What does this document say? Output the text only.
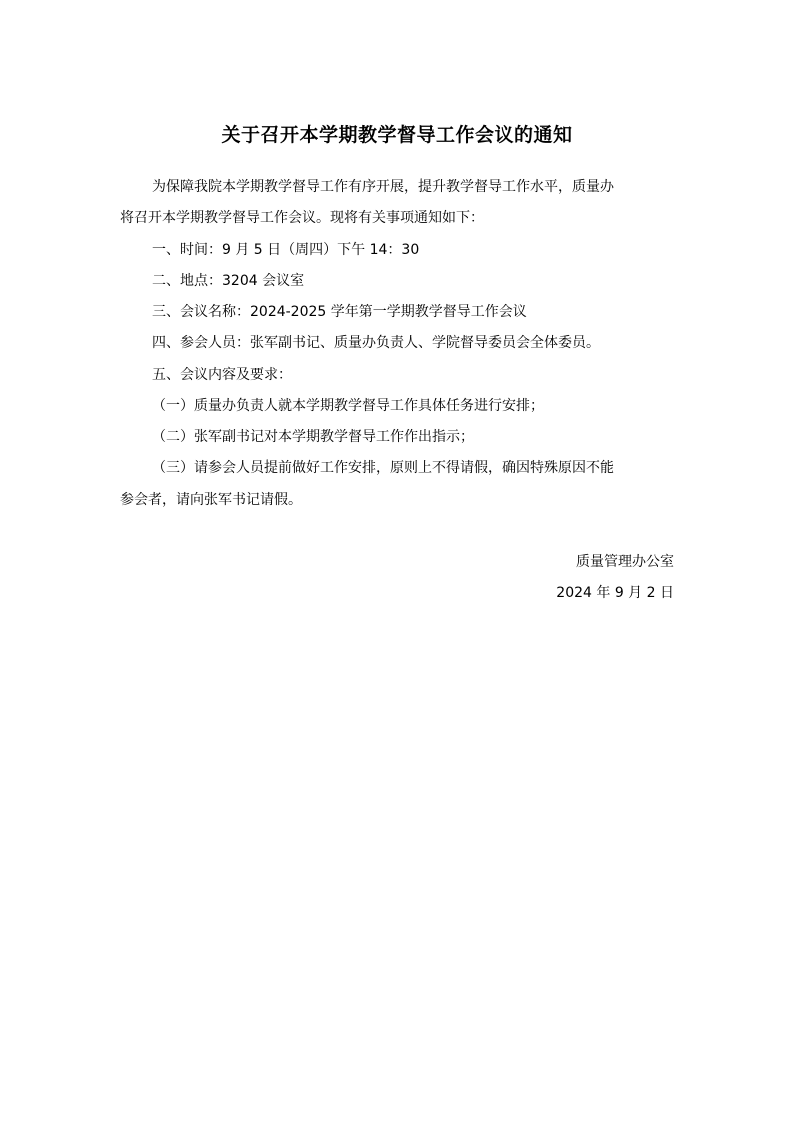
关于召开本学期教学督导工作会议的通知
为保障我院本学期教学督导工作有序开展，提升教学督导工作水平，质量办
将召开本学期教学督导工作会议。现将有关事项通知如下：
一、时间：9 月 5 日（周四）下午 14：30
二、地点：3204 会议室
三、会议名称：2024-2025 学年第一学期教学督导工作会议
四、参会人员：张军副书记、质量办负责人、学院督导委员会全体委员。
五、会议内容及要求：
（一）质量办负责人就本学期教学督导工作具体任务进行安排；
（二）张军副书记对本学期教学督导工作作出指示；
（三）请参会人员提前做好工作安排，原则上不得请假，确因特殊原因不能
参会者，请向张军书记请假。
质量管理办公室
2024 年 9 月 2 日
